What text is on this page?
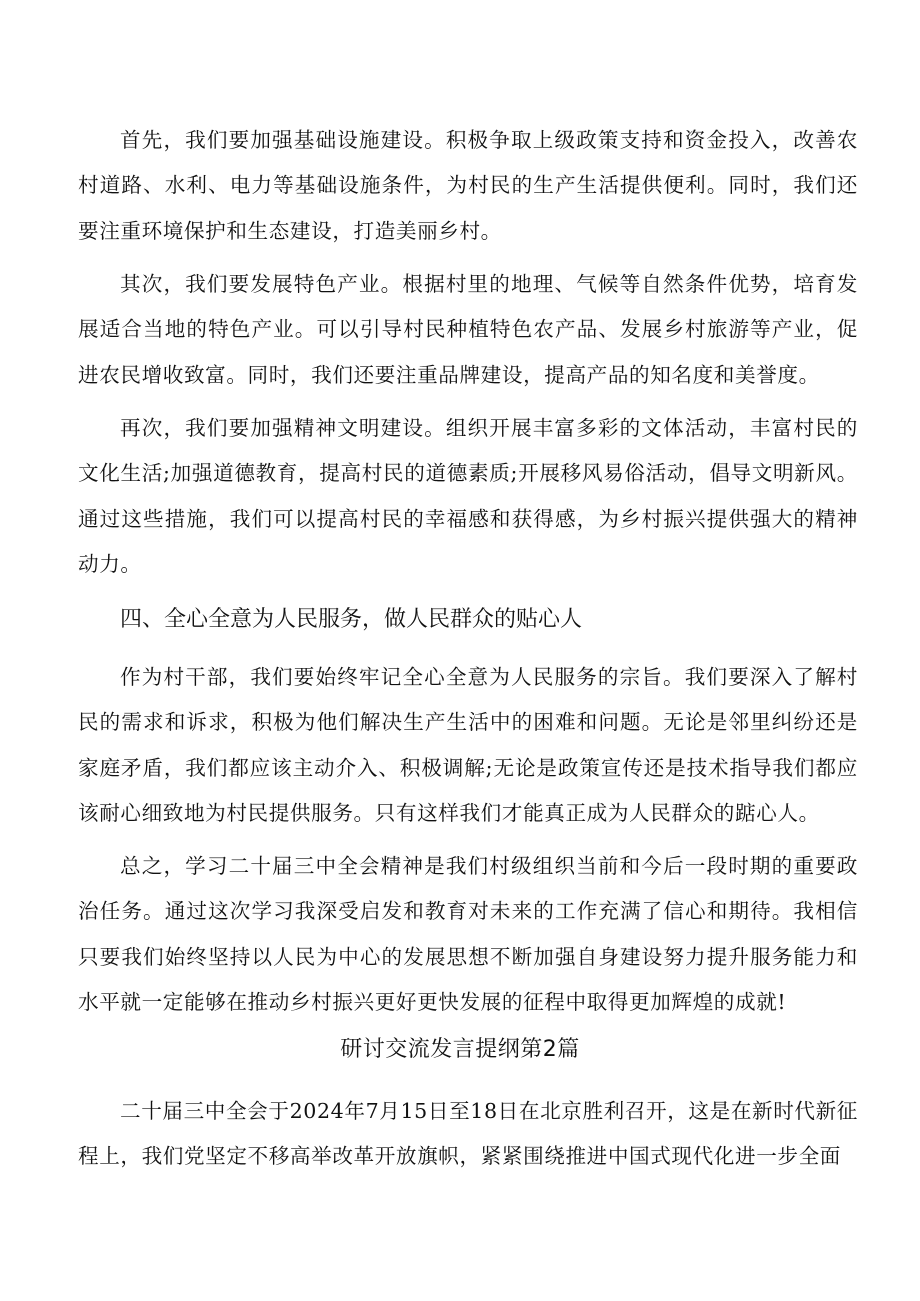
首先，我们要加强基础设施建设。积极争取上级政策支持和资金投入，改善农村道路、水利、电力等基础设施条件，为村民的生产生活提供便利。同时，我们还要注重环境保护和生态建设，打造美丽乡村。

其次，我们要发展特色产业。根据村里的地理、气候等自然条件优势，培育发展适合当地的特色产业。可以引导村民种植特色农产品、发展乡村旅游等产业，促进农民增收致富。同时，我们还要注重品牌建设，提高产品的知名度和美誉度。

再次，我们要加强精神文明建设。组织开展丰富多彩的文体活动，丰富村民的文化生活;加强道德教育，提高村民的道德素质;开展移风易俗活动，倡导文明新风。通过这些措施，我们可以提高村民的幸福感和获得感，为乡村振兴提供强大的精神动力。

四、全心全意为人民服务，做人民群众的贴心人

作为村干部，我们要始终牢记全心全意为人民服务的宗旨。我们要深入了解村民的需求和诉求，积极为他们解决生产生活中的困难和问题。无论是邻里纠纷还是家庭矛盾，我们都应该主动介入、积极调解;无论是政策宣传还是技术指导我们都应该耐心细致地为村民提供服务。只有这样我们才能真正成为人民群众的踮心人。

总之，学习二十届三中全会精神是我们村级组织当前和今后一段时期的重要政治任务。通过这次学习我深受启发和教育对未来的工作充满了信心和期待。我相信只要我们始终坚持以人民为中心的发展思想不断加强自身建设努力提升服务能力和水平就一定能够在推动乡村振兴更好更快发展的征程中取得更加辉煌的成就!

研讨交流发言提纲第2篇

二十届三中全会于2024年7月15日至18日在北京胜利召开，这是在新时代新征程上，我们党坚定不移高举改革开放旗帜，紧紧围绕推进中国式现代化进一步全面
